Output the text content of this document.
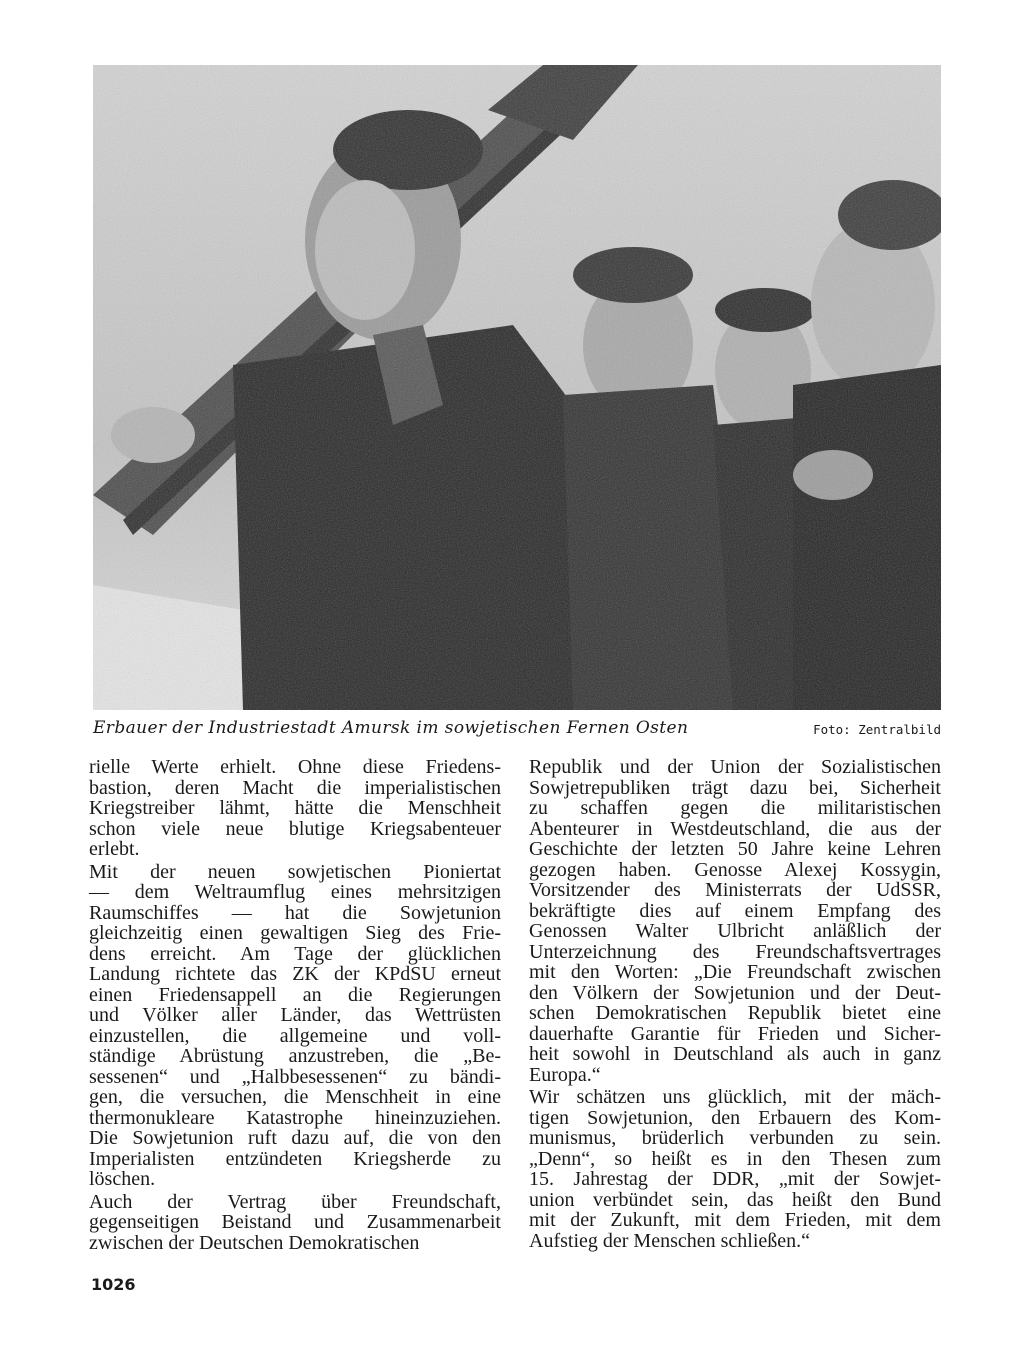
Erbauer der Industriestadt Amursk im sowjetischen Fernen Osten	Foto: Zentralbild

rielle Werte erhielt. Ohne diese Friedens-
bastion, deren Macht die imperialistischen
Kriegstreiber lähmt, hätte die Menschheit
schon viele neue blutige Kriegsabenteuer
erlebt.

Mit der neuen sowjetischen Pioniertat
— dem Weltraumflug eines mehrsitzigen
Raumschiffes — hat die Sowjetunion
gleichzeitig einen gewaltigen Sieg des Frie-
dens erreicht. Am Tage der glücklichen
Landung richtete das ZK der KPdSU erneut
einen Friedensappell an die Regierungen
und Völker aller Länder, das Wettrüsten
einzustellen, die allgemeine und voll-
ständige Abrüstung anzustreben, die „Be-
sessenen“ und „Halbbesessenen“ zu bändi-
gen, die versuchen, die Menschheit in eine
thermonukleare Katastrophe hineinzuziehen.
Die Sowjetunion ruft dazu auf, die von den
Imperialisten entzündeten Kriegsherde zu
löschen.

Auch der Vertrag über Freundschaft,
gegenseitigen Beistand und Zusammenarbeit
zwischen der Deutschen Demokratischen

Republik und der Union der Sozialistischen
Sowjetrepubliken trägt dazu bei, Sicherheit
zu schaffen gegen die militaristischen
Abenteurer in Westdeutschland, die aus der
Geschichte der letzten 50 Jahre keine Lehren
gezogen haben. Genosse Alexej Kossygin,
Vorsitzender des Ministerrats der UdSSR,
bekräftigte dies auf einem Empfang des
Genossen Walter Ulbricht anläßlich der
Unterzeichnung des Freundschaftsvertrages
mit den Worten: „Die Freundschaft zwischen
den Völkern der Sowjetunion und der Deut-
schen Demokratischen Republik bietet eine
dauerhafte Garantie für Frieden und Sicher-
heit sowohl in Deutschland als auch in ganz
Europa.“

Wir schätzen uns glücklich, mit der mäch-
tigen Sowjetunion, den Erbauern des Kom-
munismus, brüderlich verbunden zu sein.
„Denn“, so heißt es in den Thesen zum
15. Jahrestag der DDR, „mit der Sowjet-
union verbündet sein, das heißt den Bund
mit der Zukunft, mit dem Frieden, mit dem
Aufstieg der Menschen schließen.“

1026
